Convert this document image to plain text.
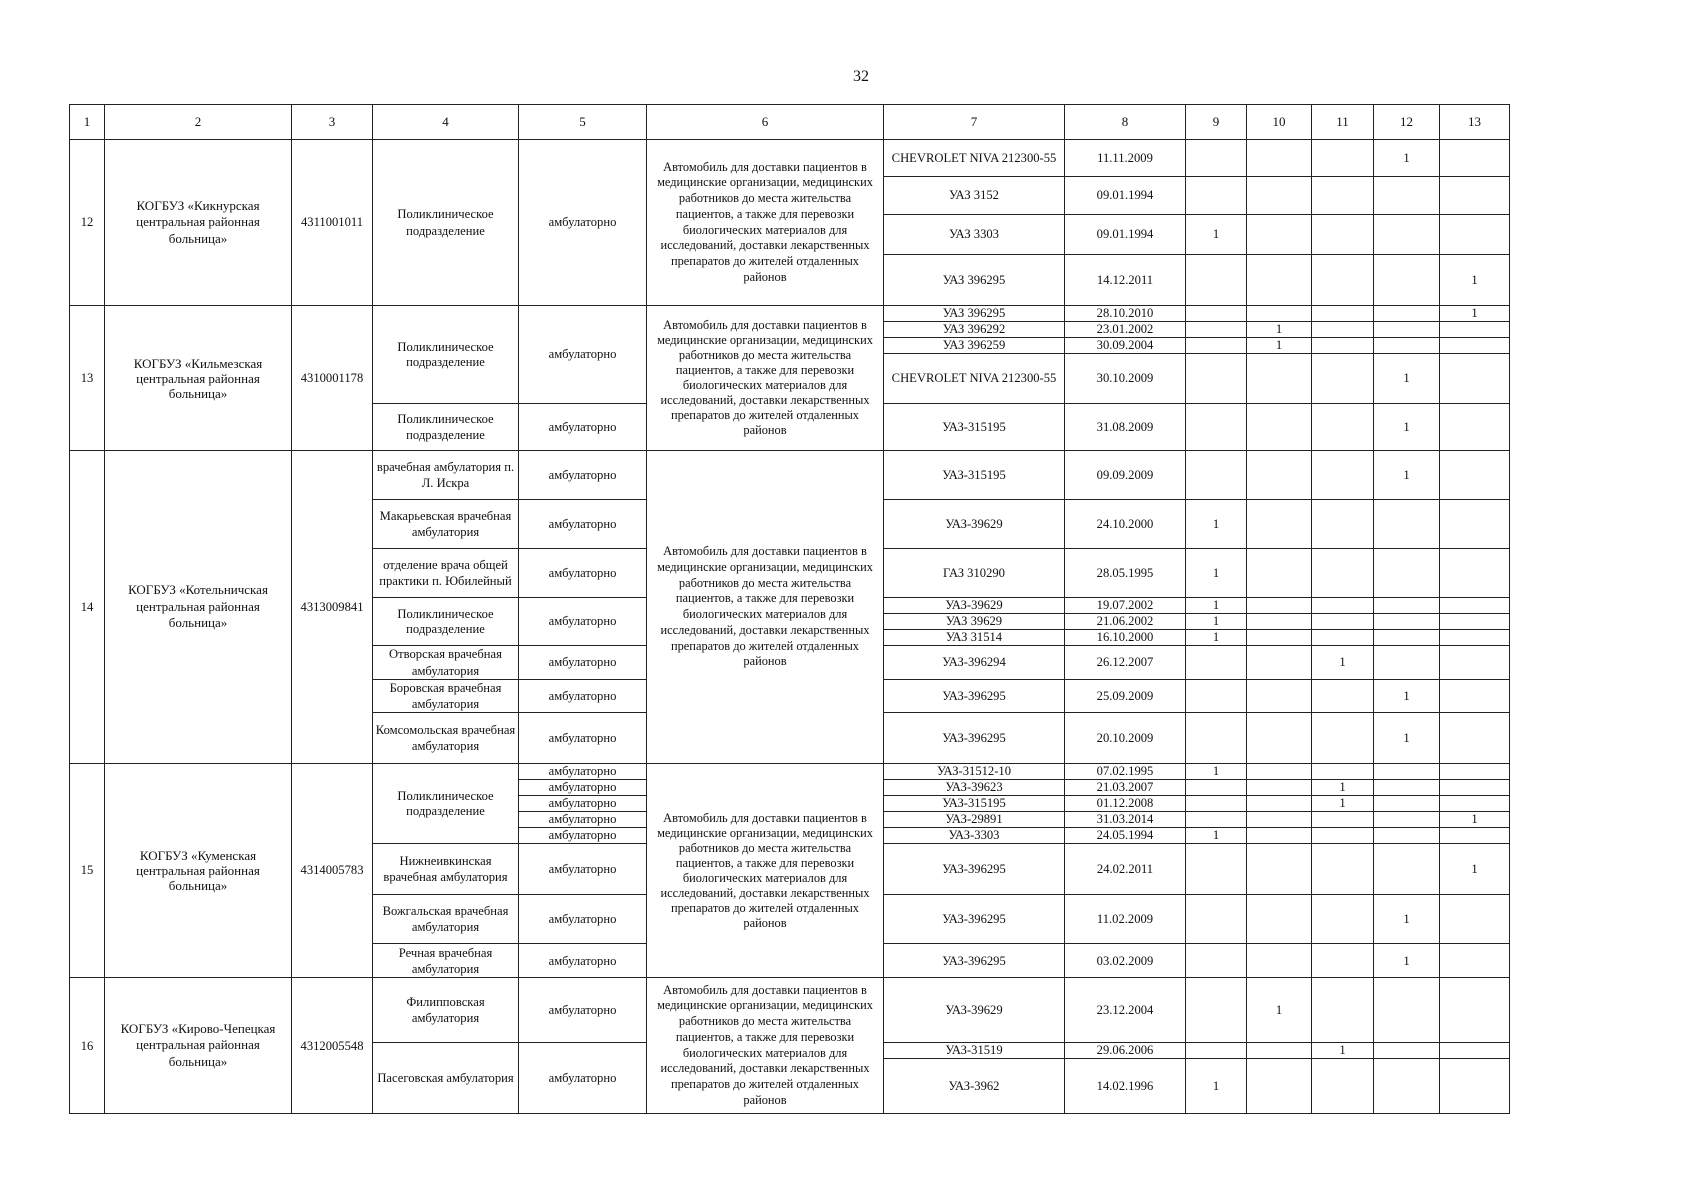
32
1	2	3	4	5	6	7	8	9	10	11	12	13
12	КОГБУЗ «Кикнурская центральная районная больница»	4311001011	Поликлиническое подразделение	амбулаторно	Автомобиль для доставки пациентов в медицинские организации, медицинских работников до места жительства пациентов, а также для перевозки биологических материалов для исследований, доставки лекарственных препаратов до жителей отдаленных районов	CHEVROLET NIVA 212300-55	11.11.2009				1	
						УАЗ 3152	09.01.1994					
						УАЗ 3303	09.01.1994	1				
						УАЗ 396295	14.12.2011					1
13	КОГБУЗ «Кильмезская центральная районная больница»	4310001178	Поликлиническое подразделение	амбулаторно	Автомобиль для доставки пациентов в медицинские организации, медицинских работников до места жительства пациентов, а также для перевозки биологических материалов для исследований, доставки лекарственных препаратов до жителей отдаленных районов	УАЗ 396295	28.10.2010					1
						УАЗ 396292	23.01.2002		1			
						УАЗ 396259	30.09.2004		1			
						CHEVROLET NIVA 212300-55	30.10.2009				1	
			Поликлиническое подразделение	амбулаторно		УАЗ-315195	31.08.2009				1	
14	КОГБУЗ «Котельничская центральная районная больница»	4313009841	врачебная амбулатория п. Л. Искра	амбулаторно	Автомобиль для доставки пациентов в медицинские организации, медицинских работников до места жительства пациентов, а также для перевозки биологических материалов для исследований, доставки лекарственных препаратов до жителей отдаленных районов	УАЗ-315195	09.09.2009				1	
			Макарьевская врачебная амбулатория	амбулаторно		УАЗ-39629	24.10.2000	1				
			отделение врача общей практики п. Юбилейный	амбулаторно		ГАЗ 310290	28.05.1995	1				
			Поликлиническое подразделение	амбулаторно		УАЗ-39629	19.07.2002	1				
						УАЗ 39629	21.06.2002	1				
						УАЗ 31514	16.10.2000	1				
			Отворская врачебная амбулатория	амбулаторно		УАЗ-396294	26.12.2007			1		
			Боровская врачебная амбулатория	амбулаторно		УАЗ-396295	25.09.2009				1	
			Комсомольская врачебная амбулатория	амбулаторно		УАЗ-396295	20.10.2009				1	
15	КОГБУЗ «Куменская центральная районная больница»	4314005783	Поликлиническое подразделение	амбулаторно	Автомобиль для доставки пациентов в медицинские организации, медицинских работников до места жительства пациентов, а также для перевозки биологических материалов для исследований, доставки лекарственных препаратов до жителей отдаленных районов	УАЗ-31512-10	07.02.1995	1				
				амбулаторно		УАЗ-39623	21.03.2007			1		
				амбулаторно		УАЗ-315195	01.12.2008			1		
				амбулаторно		УАЗ-29891	31.03.2014					1
				амбулаторно		УАЗ-3303	24.05.1994	1				
			Нижнеивкинская врачебная амбулатория	амбулаторно		УАЗ-396295	24.02.2011					1
			Вожгальская врачебная амбулатория	амбулаторно		УАЗ-396295	11.02.2009				1	
			Речная врачебная амбулатория	амбулаторно		УАЗ-396295	03.02.2009				1	
16	КОГБУЗ «Кирово-Чепецкая центральная районная больница»	4312005548	Филипповская амбулатория	амбулаторно	Автомобиль для доставки пациентов в медицинские организации, медицинских работников до места жительства пациентов, а также для перевозки биологических материалов для исследований, доставки лекарственных препаратов до жителей отдаленных районов	УАЗ-39629	23.12.2004		1			
			Пасеговская амбулатория	амбулаторно		УАЗ-31519	29.06.2006			1		
						УАЗ-3962	14.02.1996	1				
